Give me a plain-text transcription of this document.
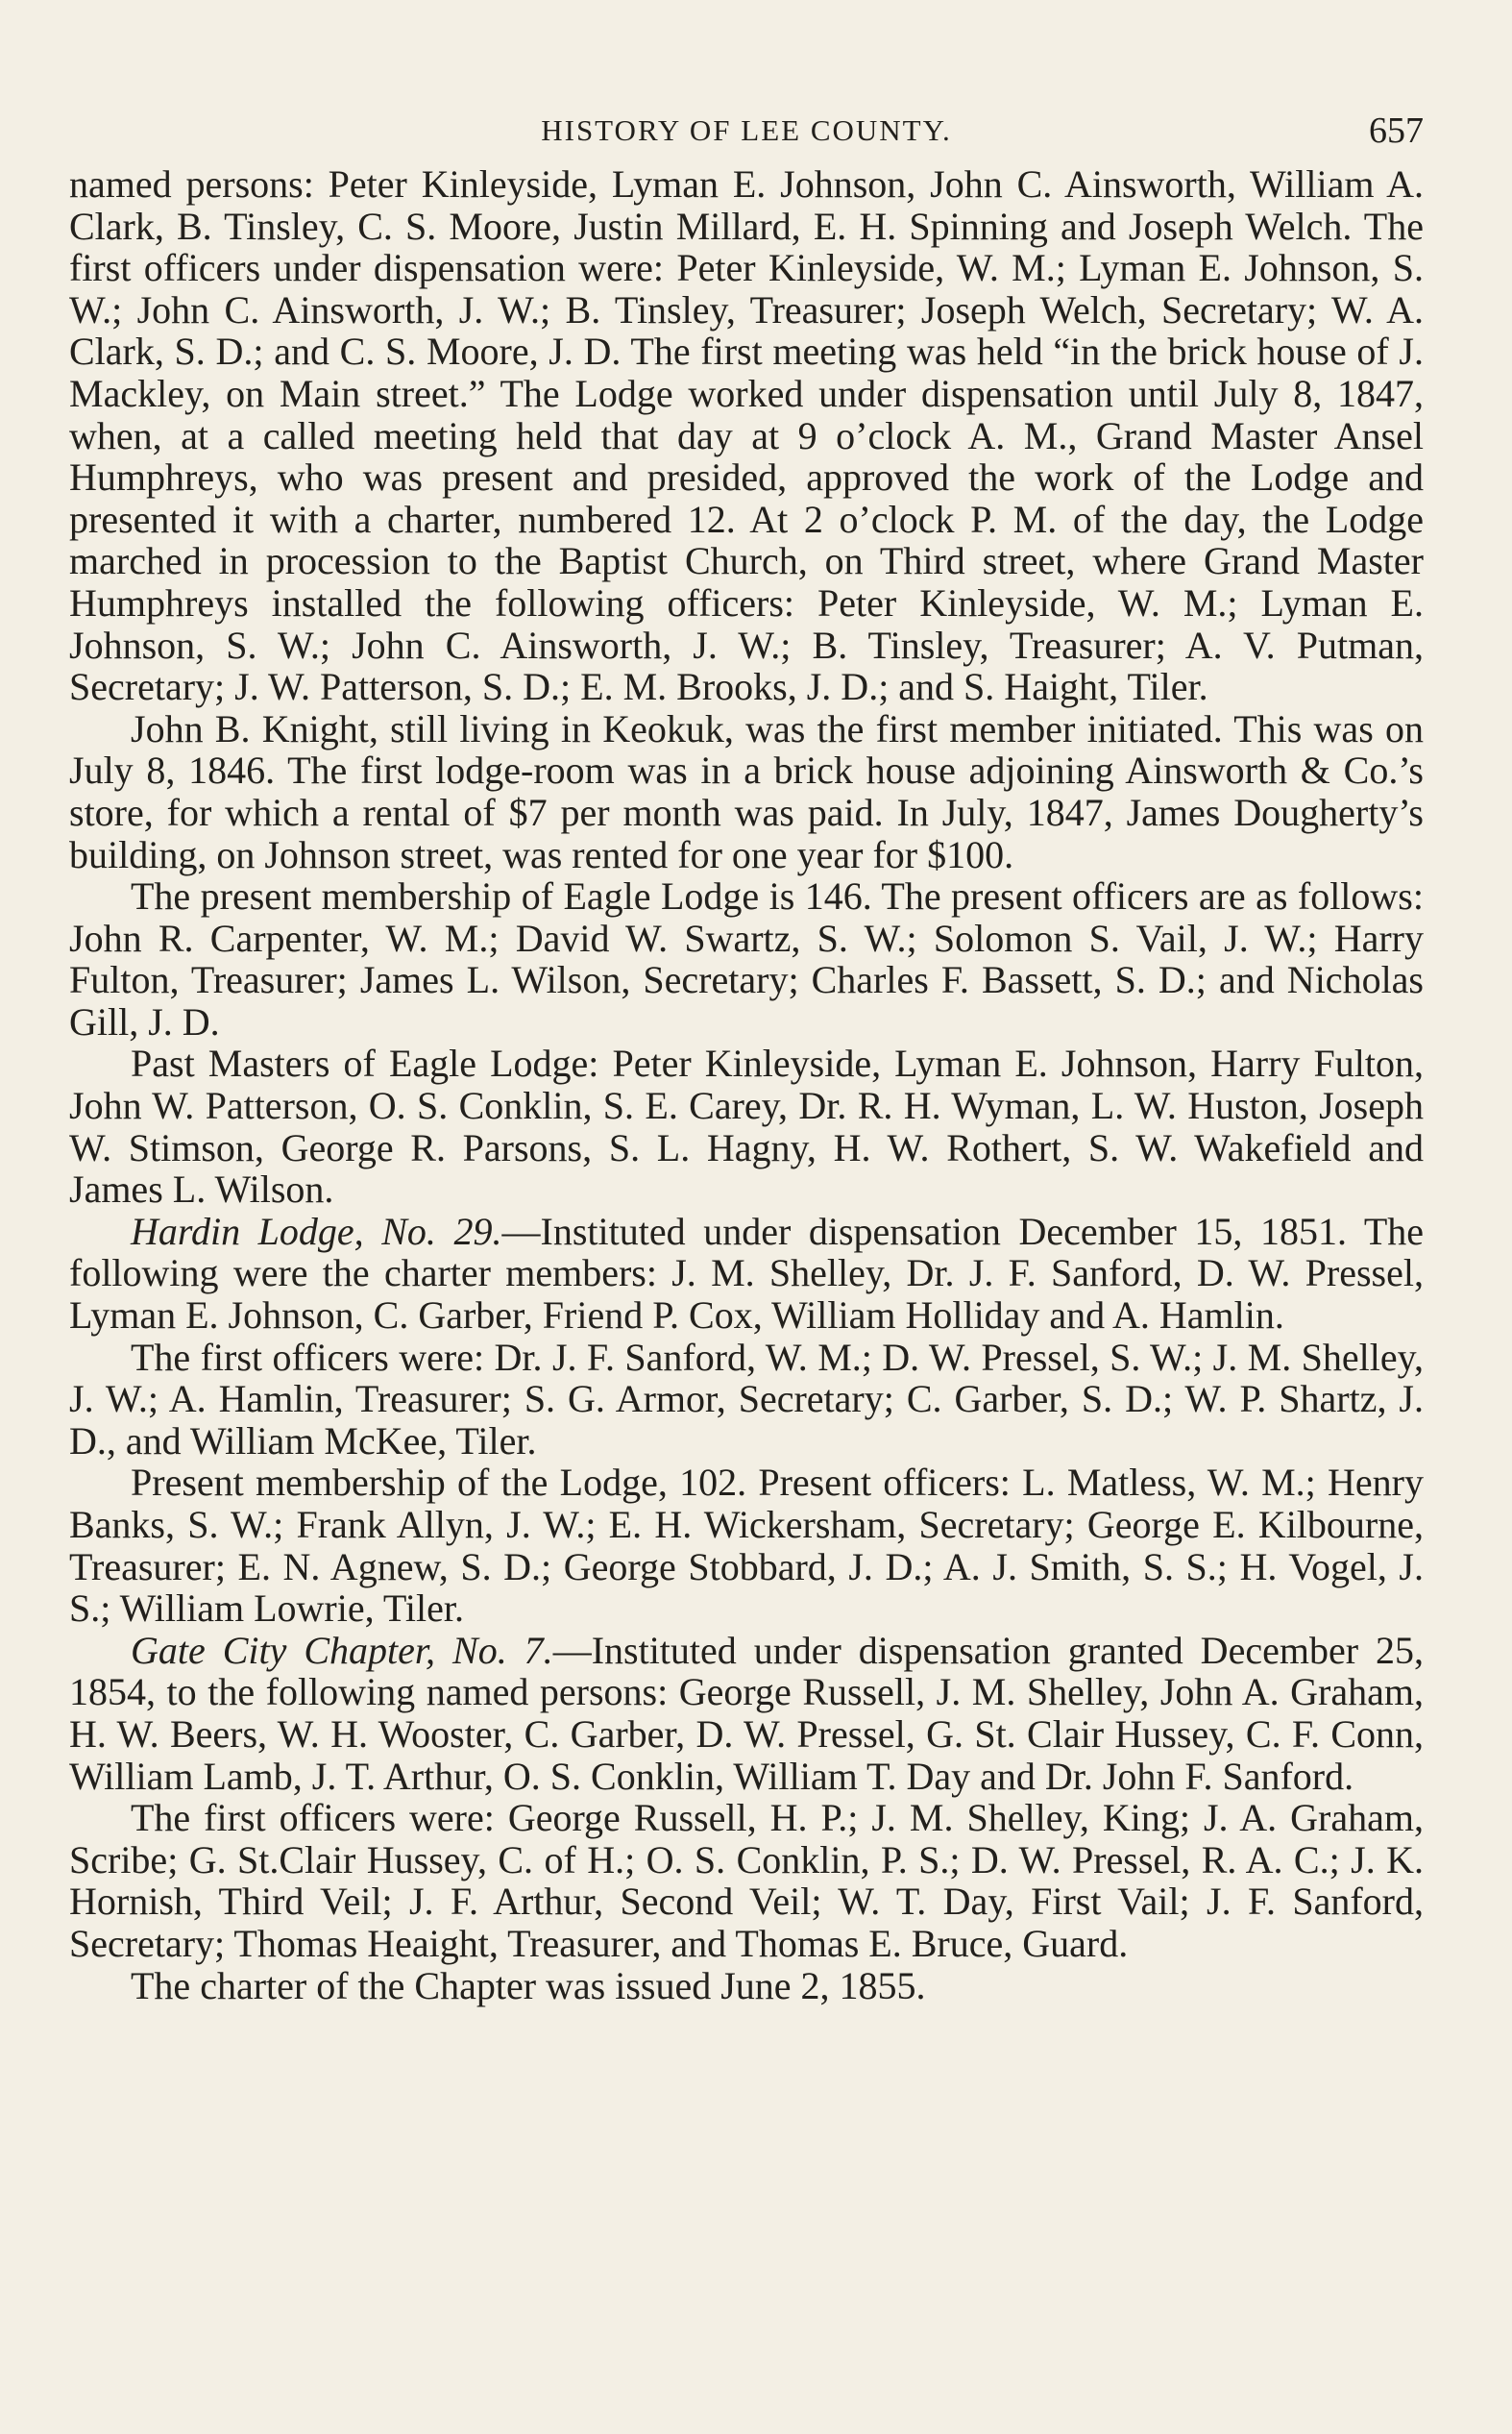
HISTORY OF LEE COUNTY.	657

named persons: Peter Kinleyside, Lyman E. Johnson, John C. Ainsworth, William A. Clark, B. Tinsley, C. S. Moore, Justin Millard, E. H. Spinning and Joseph Welch. The first officers under dispensation were: Peter Kinleyside, W. M.; Lyman E. Johnson, S. W.; John C. Ainsworth, J. W.; B. Tinsley, Treasurer; Joseph Welch, Secretary; W. A. Clark, S. D.; and C. S. Moore, J. D. The first meeting was held “in the brick house of J. Mackley, on Main street.” The Lodge worked under dispensation until July 8, 1847, when, at a called meeting held that day at 9 o’clock A. M., Grand Master Ansel Humphreys, who was present and presided, approved the work of the Lodge and presented it with a charter, numbered 12. At 2 o’clock P. M. of the day, the Lodge marched in procession to the Baptist Church, on Third street, where Grand Master Humphreys installed the following officers: Peter Kinleyside, W. M.; Lyman E. Johnson, S. W.; John C. Ainsworth, J. W.; B. Tinsley, Treasurer; A. V. Putman, Secretary; J. W. Patterson, S. D.; E. M. Brooks, J. D.; and S. Haight, Tiler.

John B. Knight, still living in Keokuk, was the first member initiated. This was on July 8, 1846. The first lodge-room was in a brick house adjoining Ainsworth & Co.’s store, for which a rental of $7 per month was paid. In July, 1847, James Dougherty’s building, on Johnson street, was rented for one year for $100.

The present membership of Eagle Lodge is 146. The present officers are as follows: John R. Carpenter, W. M.; David W. Swartz, S. W.; Solomon S. Vail, J. W.; Harry Fulton, Treasurer; James L. Wilson, Secretary; Charles F. Bassett, S. D.; and Nicholas Gill, J. D.

Past Masters of Eagle Lodge: Peter Kinleyside, Lyman E. Johnson, Harry Fulton, John W. Patterson, O. S. Conklin, S. E. Carey, Dr. R. H. Wyman, L. W. Huston, Joseph W. Stimson, George R. Parsons, S. L. Hagny, H. W. Rothert, S. W. Wakefield and James L. Wilson.

Hardin Lodge, No. 29.—Instituted under dispensation December 15, 1851. The following were the charter members: J. M. Shelley, Dr. J. F. Sanford, D. W. Pressel, Lyman E. Johnson, C. Garber, Friend P. Cox, William Holliday and A. Hamlin.

The first officers were: Dr. J. F. Sanford, W. M.; D. W. Pressel, S. W.; J. M. Shelley, J. W.; A. Hamlin, Treasurer; S. G. Armor, Secretary; C. Garber, S. D.; W. P. Shartz, J. D., and William McKee, Tiler.

Present membership of the Lodge, 102. Present officers: L. Matless, W. M.; Henry Banks, S. W.; Frank Allyn, J. W.; E. H. Wickersham, Secretary; George E. Kilbourne, Treasurer; E. N. Agnew, S. D.; George Stobbard, J. D.; A. J. Smith, S. S.; H. Vogel, J. S.; William Lowrie, Tiler.

Gate City Chapter, No. 7.—Instituted under dispensation granted December 25, 1854, to the following named persons: George Russell, J. M. Shelley, John A. Graham, H. W. Beers, W. H. Wooster, C. Garber, D. W. Pressel, G. St. Clair Hussey, C. F. Conn, William Lamb, J. T. Arthur, O. S. Conklin, William T. Day and Dr. John F. Sanford.

The first officers were: George Russell, H. P.; J. M. Shelley, King; J. A. Graham, Scribe; G. St.Clair Hussey, C. of H.; O. S. Conklin, P. S.; D. W. Pressel, R. A. C.; J. K. Hornish, Third Veil; J. F. Arthur, Second Veil; W. T. Day, First Vail; J. F. Sanford, Secretary; Thomas Heaight, Treasurer, and Thomas E. Bruce, Guard.

The charter of the Chapter was issued June 2, 1855.
